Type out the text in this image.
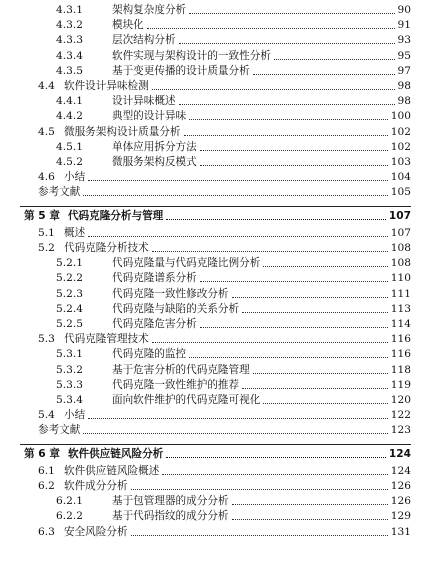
4.3.1	架构复杂度分析	90
4.3.2	模块化	91
4.3.3	层次结构分析	93
4.3.4	软件实现与架构设计的一致性分析	95
4.3.5	基于变更传播的设计质量分析	97
4.4 软件设计异味检测	98
4.4.1	设计异味概述	98
4.4.2	典型的设计异味	100
4.5 微服务架构设计质量分析	102
4.5.1	单体应用拆分方法	102
4.5.2	微服务架构反模式	103
4.6 小结	104
参考文献	105
第 5 章 代码克隆分析与管理	107
5.1 概述	107
5.2 代码克隆分析技术	108
5.2.1	代码克隆量与代码克隆比例分析	108
5.2.2	代码克隆谱系分析	110
5.2.3	代码克隆一致性修改分析	111
5.2.4	代码克隆与缺陷的关系分析	113
5.2.5	代码克隆危害分析	114
5.3 代码克隆管理技术	116
5.3.1	代码克隆的监控	116
5.3.2	基于危害分析的代码克隆管理	118
5.3.3	代码克隆一致性维护的推荐	119
5.3.4	面向软件维护的代码克隆可视化	120
5.4 小结	122
参考文献	123
第 6 章 软件供应链风险分析	124
6.1 软件供应链风险概述	124
6.2 软件成分分析	126
6.2.1	基于包管理器的成分分析	126
6.2.2	基于代码指纹的成分分析	129
6.3 安全风险分析	131
